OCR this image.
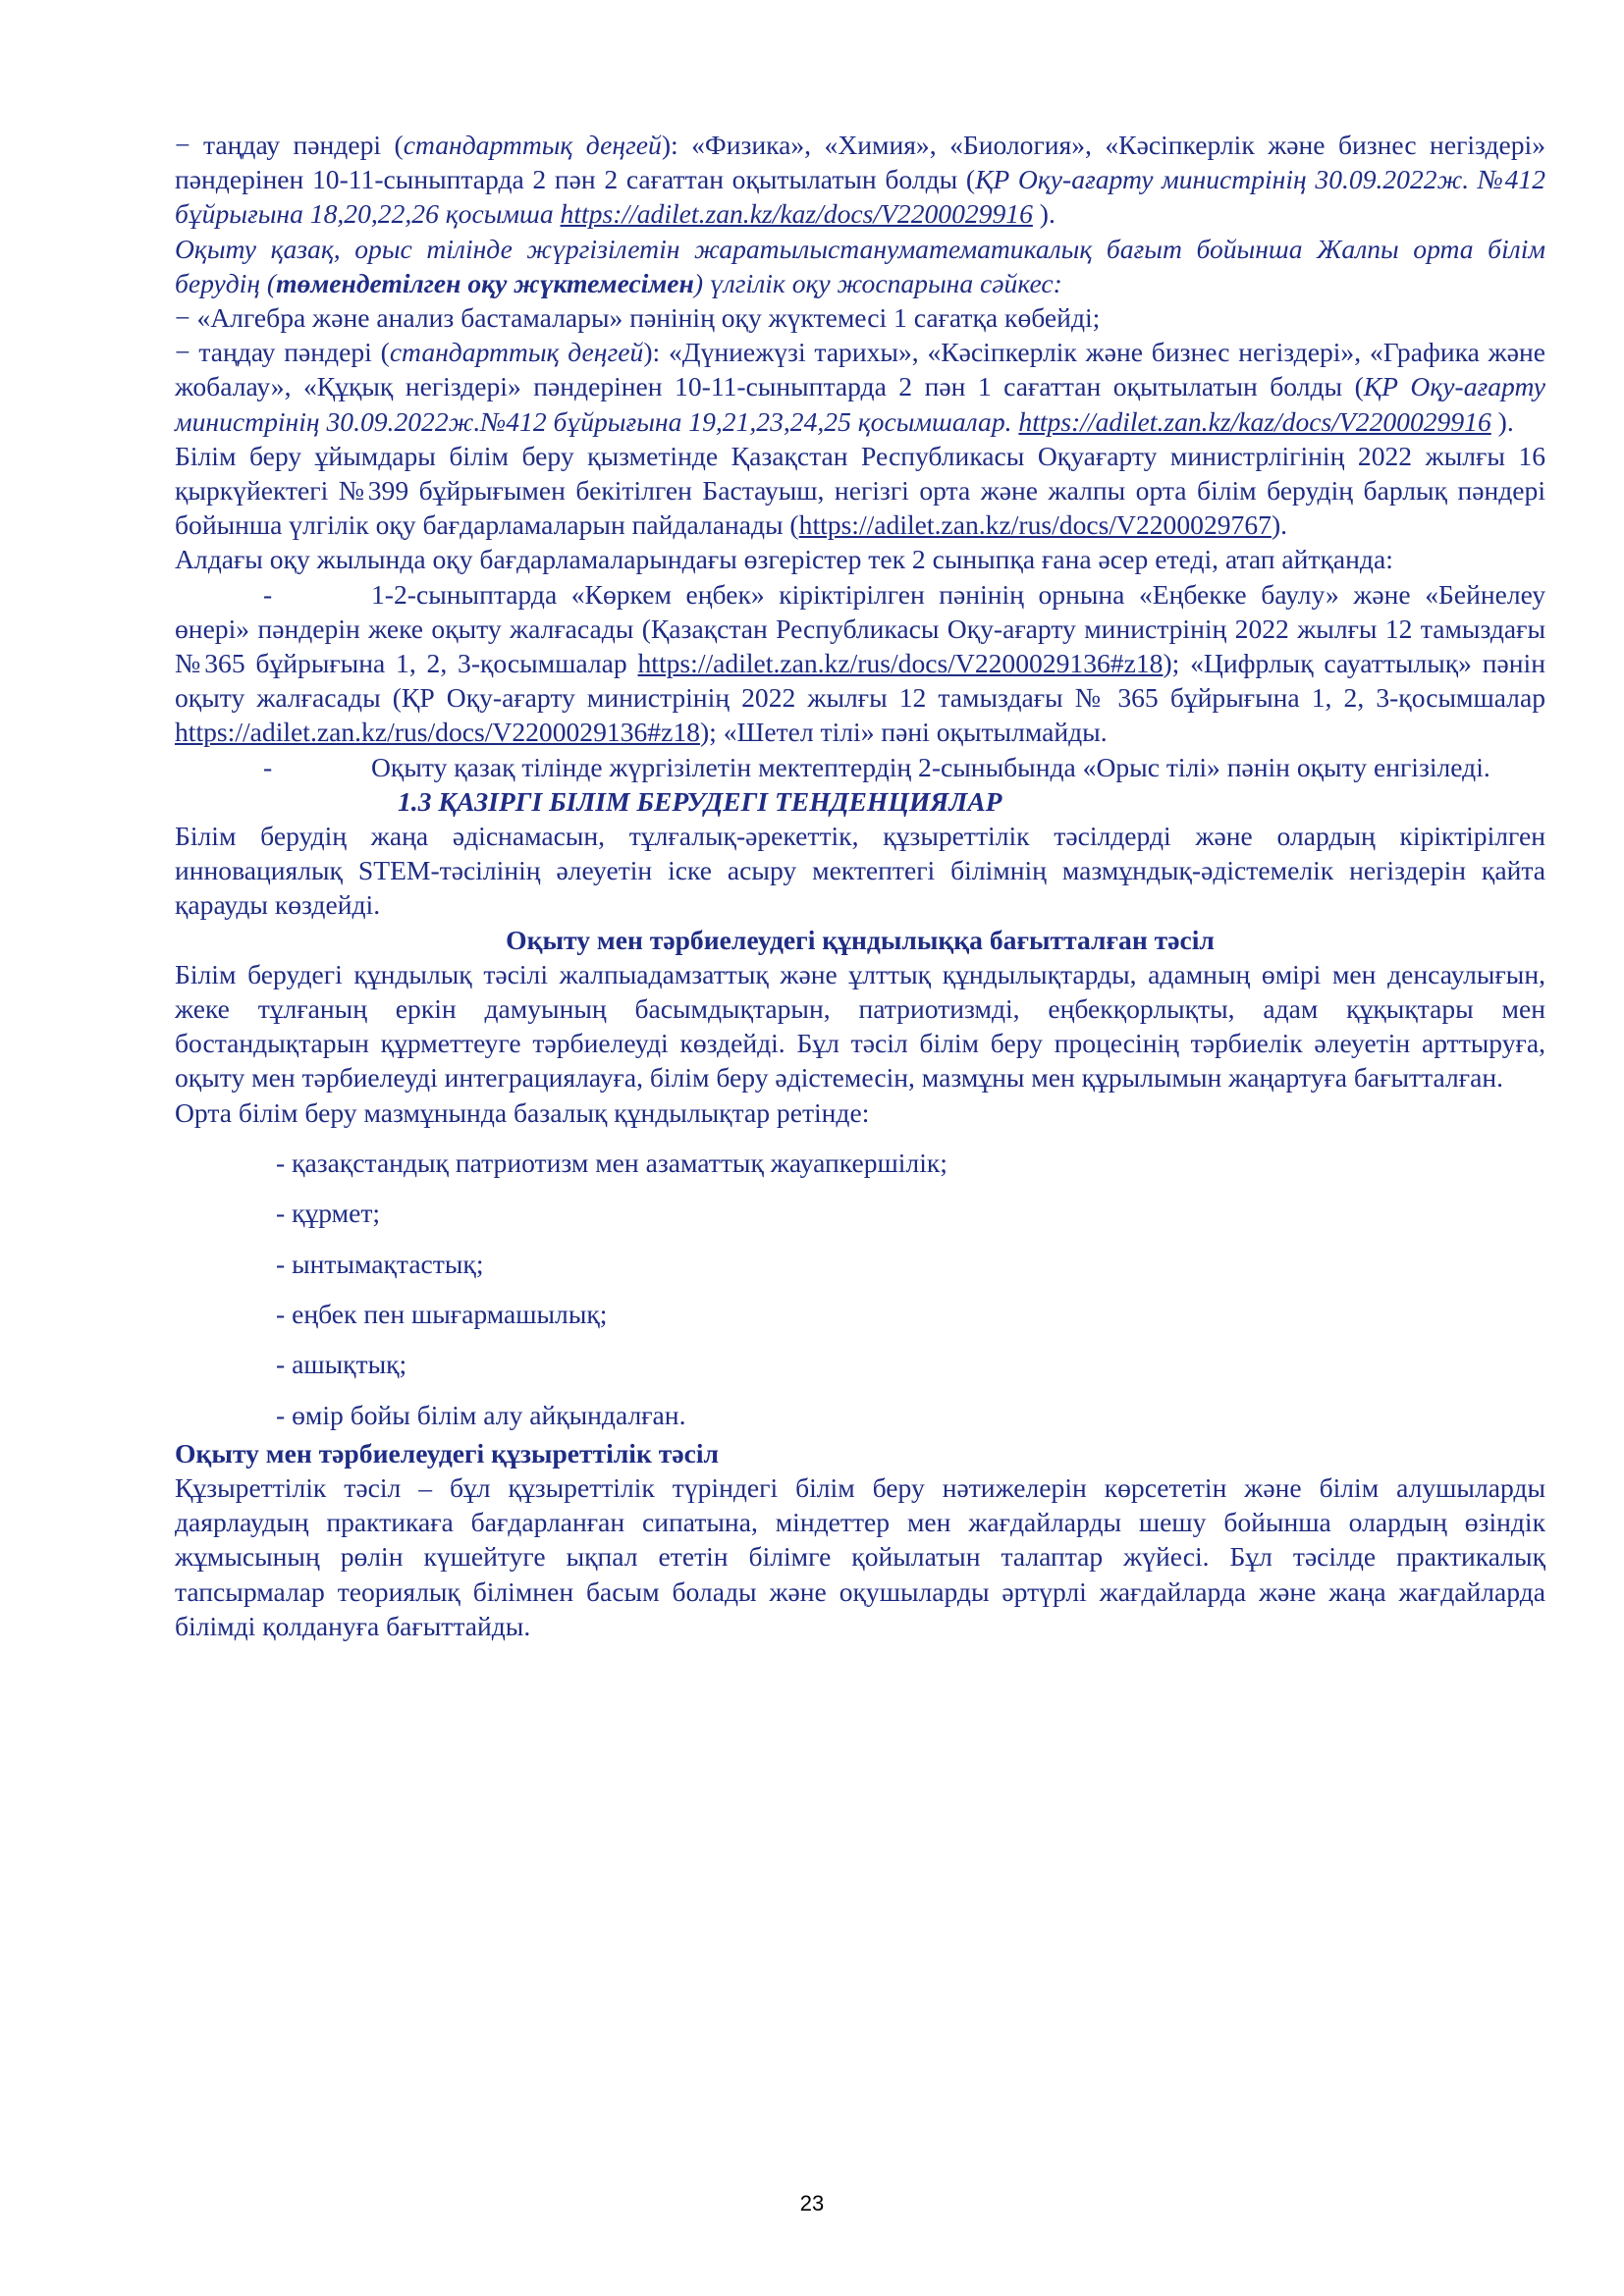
− таңдау пәндері (стандарттық деңгей): «Физика», «Химия», «Биология», «Кәсіпкерлік және бизнес негіздері» пәндерінен 10-11-сыныптарда 2 пән 2 сағаттан оқытылатын болды (ҚР Оқу-ағарту министрінің 30.09.2022ж. №412 бұйрығына 18,20,22,26 қосымша https://adilet.zan.kz/kaz/docs/V2200029916 ).

Оқыту қазақ, орыс тілінде жүргізілетін жаратылыстануматематикалық бағыт бойынша Жалпы орта білім берудің (төмендетілген оқу жүктемесімен) үлгілік оқу жоспарына сәйкес:

− «Алгебра және анализ бастамалары» пәнінің оқу жүктемесі 1 сағатқа көбейді;

− таңдау пәндері (стандарттық деңгей): «Дүниежүзі тарихы», «Кәсіпкерлік және бизнес негіздері», «Графика және жобалау», «Құқық негіздері» пәндерінен 10-11-сыныптарда 2 пән 1 сағаттан оқытылатын болды (ҚР Оқу-ағарту министрінің 30.09.2022ж.№412 бұйрығына 19,21,23,24,25 қосымшалар. https://adilet.zan.kz/kaz/docs/V2200029916 ).

Білім беру ұйымдары білім беру қызметінде Қазақстан Республикасы Оқуағарту министрлігінің 2022 жылғы 16 қыркүйектегі №399 бұйрығымен бекітілген Бастауыш, негізгі орта және жалпы орта білім берудің барлық пәндері бойынша үлгілік оқу бағдарламаларын пайдаланады (https://adilet.zan.kz/rus/docs/V2200029767).

Алдағы оқу жылында оқу бағдарламаларындағы өзгерістер тек 2 сыныпқа ғана әсер етеді, атап айтқанда:

-	1-2-сыныптарда «Көркем еңбек» кіріктірілген пәнінің орнына «Еңбекке баулу» және «Бейнелеу өнері» пәндерін жеке оқыту жалғасады (Қазақстан Республикасы Оқу-ағарту министрінің 2022 жылғы 12 тамыздағы №365 бұйрығына 1, 2, 3-қосымшалар https://adilet.zan.kz/rus/docs/V2200029136#z18); «Цифрлық сауаттылық» пәнін оқыту жалғасады (ҚР Оқу-ағарту министрінің 2022 жылғы 12 тамыздағы № 365 бұйрығына 1, 2, 3-қосымшалар https://adilet.zan.kz/rus/docs/V2200029136#z18); «Шетел тілі» пәні оқытылмайды.

-	Оқыту қазақ тілінде жүргізілетін мектептердің 2-сыныбында «Орыс тілі» пәнін оқыту енгізіледі.

1.3 ҚАЗІРГІ БІЛІМ БЕРУДЕГІ ТЕНДЕНЦИЯЛАР

Білім берудің жаңа әдіснамасын, тұлғалық-әрекеттік, құзыреттілік тәсілдерді және олардың кіріктірілген инновациялық STEM-тәсілінің әлеуетін іске асыру мектептегі білімнің мазмұндық-әдістемелік негіздерін қайта қарауды көздейді.

Оқыту мен тәрбиелеудегі құндылыққа бағытталған тәсіл

Білім берудегі құндылық тәсілі жалпыадамзаттық және ұлттық құндылықтарды, адамның өмірі мен денсаулығын, жеке тұлғаның еркін дамуының басымдықтарын, патриотизмді, еңбекқорлықты, адам құқықтары мен бостандықтарын құрметтеуге тәрбиелеуді көздейді. Бұл тәсіл білім беру процесінің тәрбиелік әлеуетін арттыруға, оқыту мен тәрбиелеуді интеграциялауға, білім беру әдістемесін, мазмұны мен құрылымын жаңартуға бағытталған.

Орта білім беру мазмұнында базалық құндылықтар ретінде:

- қазақстандық патриотизм мен азаматтық жауапкершілік;

- құрмет;

- ынтымақтастық;

- еңбек пен шығармашылық;

- ашықтық;

- өмір бойы білім алу айқындалған.

Оқыту мен тәрбиелеудегі құзыреттілік тәсіл

Құзыреттілік тәсіл – бұл құзыреттілік түріндегі білім беру нәтижелерін көрсететін және білім алушыларды даярлаудың практикаға бағдарланған сипатына, міндеттер мен жағдайларды шешу бойынша олардың өзіндік жұмысының рөлін күшейтуге ықпал ететін білімге қойылатын талаптар жүйесі. Бұл тәсілде практикалық тапсырмалар теориялық білімнен басым болады және оқушыларды әртүрлі жағдайларда және жаңа жағдайларда білімді қолдануға бағыттайды.

23
